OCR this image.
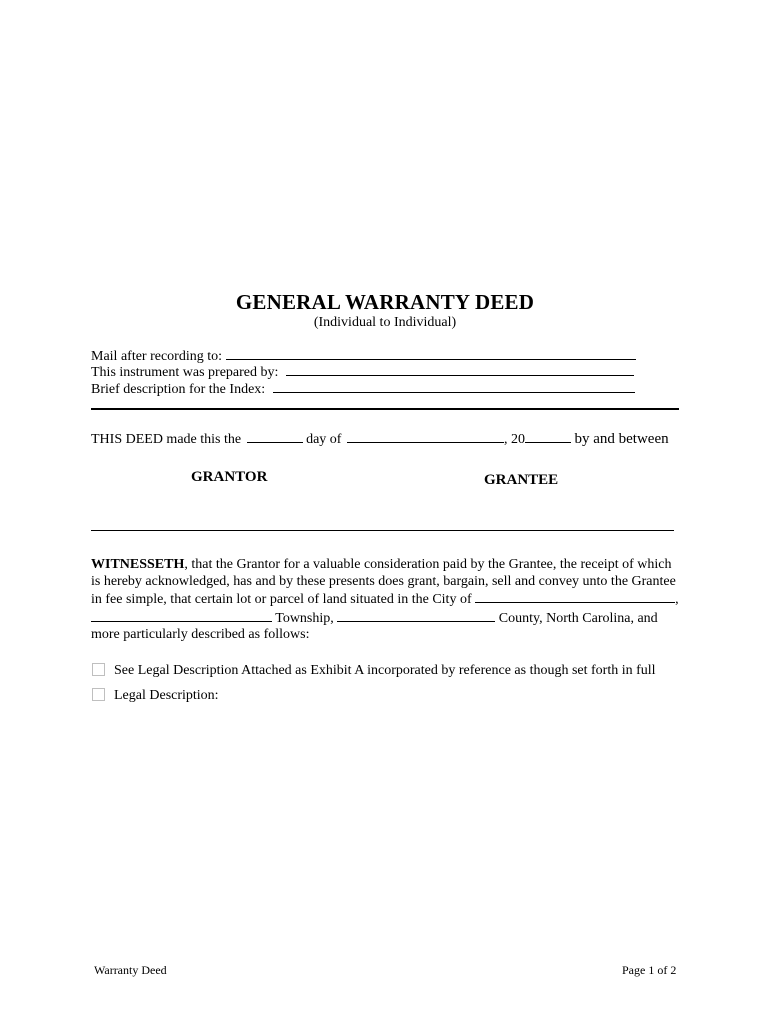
GENERAL WARRANTY DEED
(Individual to Individual)
Mail after recording to:
This instrument was prepared by:
Brief description for the Index:
THIS DEED made this the	day of	, 20	by and between
GRANTOR	GRANTEE
WITNESSETH, that the Grantor for a valuable consideration paid by the Grantee, the receipt of which
is hereby acknowledged, has and by these presents does grant, bargain, sell and convey unto the Grantee
in fee simple, that certain lot or parcel of land situated in the City of	,
Township,	County, North Carolina, and
more particularly described as follows:
See Legal Description Attached as Exhibit A incorporated by reference as though set forth in full
Legal Description:
Warranty Deed	Page 1 of 2
